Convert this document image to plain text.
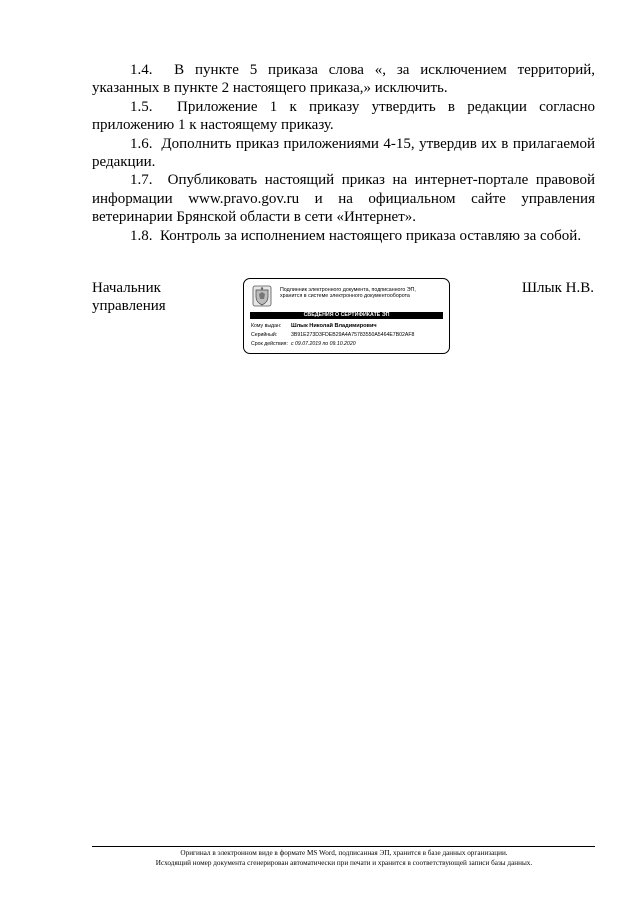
1.4.  В пункте 5 приказа слова «, за исключением территорий, указанных в пункте 2 настоящего приказа,» исключить.

1.5.  Приложение 1 к приказу утвердить в редакции согласно приложению 1 к настоящему приказу.

1.6.  Дополнить приказ приложениями 4-15, утвердив их в прилагаемой редакции.

1.7.  Опубликовать настоящий приказ на интернет-портале правовой информации www.pravo.gov.ru и на официальном сайте управления ветеринарии Брянской области в сети «Интернет».

1.8.  Контроль за исполнением настоящего приказа оставляю за собой.

Начальник
управления
Подлинник электронного документа, подписанного ЭП,
хранится в системе электронного документооборота
СВЕДЕНИЯ О СЕРТИФИКАТЕ ЭП
Кому выдан: Шлык Николай Владимирович
Серийный:	3B91E273D3FDEB29A4A75783550A5464E7B02AF8
Срок действия: с 09.07.2019 по 09.10.2020
Шлык Н.В.
Оригинал в электронном виде в формате MS Word, подписанная ЭП, хранится в базе данных организации.
Исходящий номер документа сгенерирован автоматически при печати и хранится в соответствующей записи базы данных.
